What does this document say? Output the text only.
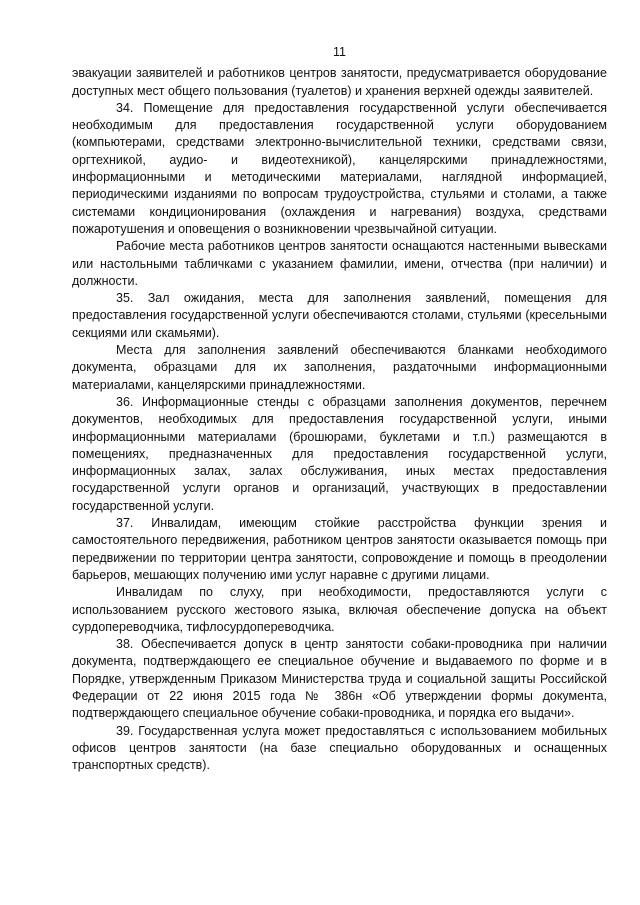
11

эвакуации заявителей и работников центров занятости, предусматривается оборудование доступных мест общего пользования (туалетов) и хранения верхней одежды заявителей.

34. Помещение для предоставления государственной услуги обеспечивается необходимым для предоставления государственной услуги оборудованием (компьютерами, средствами электронно-вычислительной техники, средствами связи, оргтехникой, аудио- и видеотехникой), канцелярскими принадлежностями, информационными и методическими материалами, наглядной информацией, периодическими изданиями по вопросам трудоустройства, стульями и столами, а также системами кондиционирования (охлаждения и нагревания) воздуха, средствами пожаротушения и оповещения о возникновении чрезвычайной ситуации.

Рабочие места работников центров занятости оснащаются настенными вывесками или настольными табличками с указанием фамилии, имени, отчества (при наличии) и должности.

35. Зал ожидания, места для заполнения заявлений, помещения для предоставления государственной услуги обеспечиваются столами, стульями (кресельными секциями или скамьями).

Места для заполнения заявлений обеспечиваются бланками необходимого документа, образцами для их заполнения, раздаточными информационными материалами, канцелярскими принадлежностями.

36. Информационные стенды с образцами заполнения документов, перечнем документов, необходимых для предоставления государственной услуги, иными информационными материалами (брошюрами, буклетами и т.п.) размещаются в помещениях, предназначенных для предоставления государственной услуги, информационных залах, залах обслуживания, иных местах предоставления государственной услуги органов и организаций, участвующих в предоставлении государственной услуги.

37. Инвалидам, имеющим стойкие расстройства функции зрения и самостоятельного передвижения, работником центров занятости оказывается помощь при передвижении по территории центра занятости, сопровождение и помощь в преодолении барьеров, мешающих получению ими услуг наравне с другими лицами.

Инвалидам по слуху, при необходимости, предоставляются услуги с использованием русского жестового языка, включая обеспечение допуска на объект сурдопереводчика, тифлосурдопереводчика.

38. Обеспечивается допуск в центр занятости собаки-проводника при наличии документа, подтверждающего ее специальное обучение и выдаваемого по форме и в Порядке, утвержденным Приказом Министерства труда и социальной защиты Российской Федерации от 22 июня 2015 года № 386н «Об утверждении формы документа, подтверждающего специальное обучение собаки-проводника, и порядка его выдачи».

39. Государственная услуга может предоставляться с использованием мобильных офисов центров занятости (на базе специально оборудованных и оснащенных транспортных средств).
